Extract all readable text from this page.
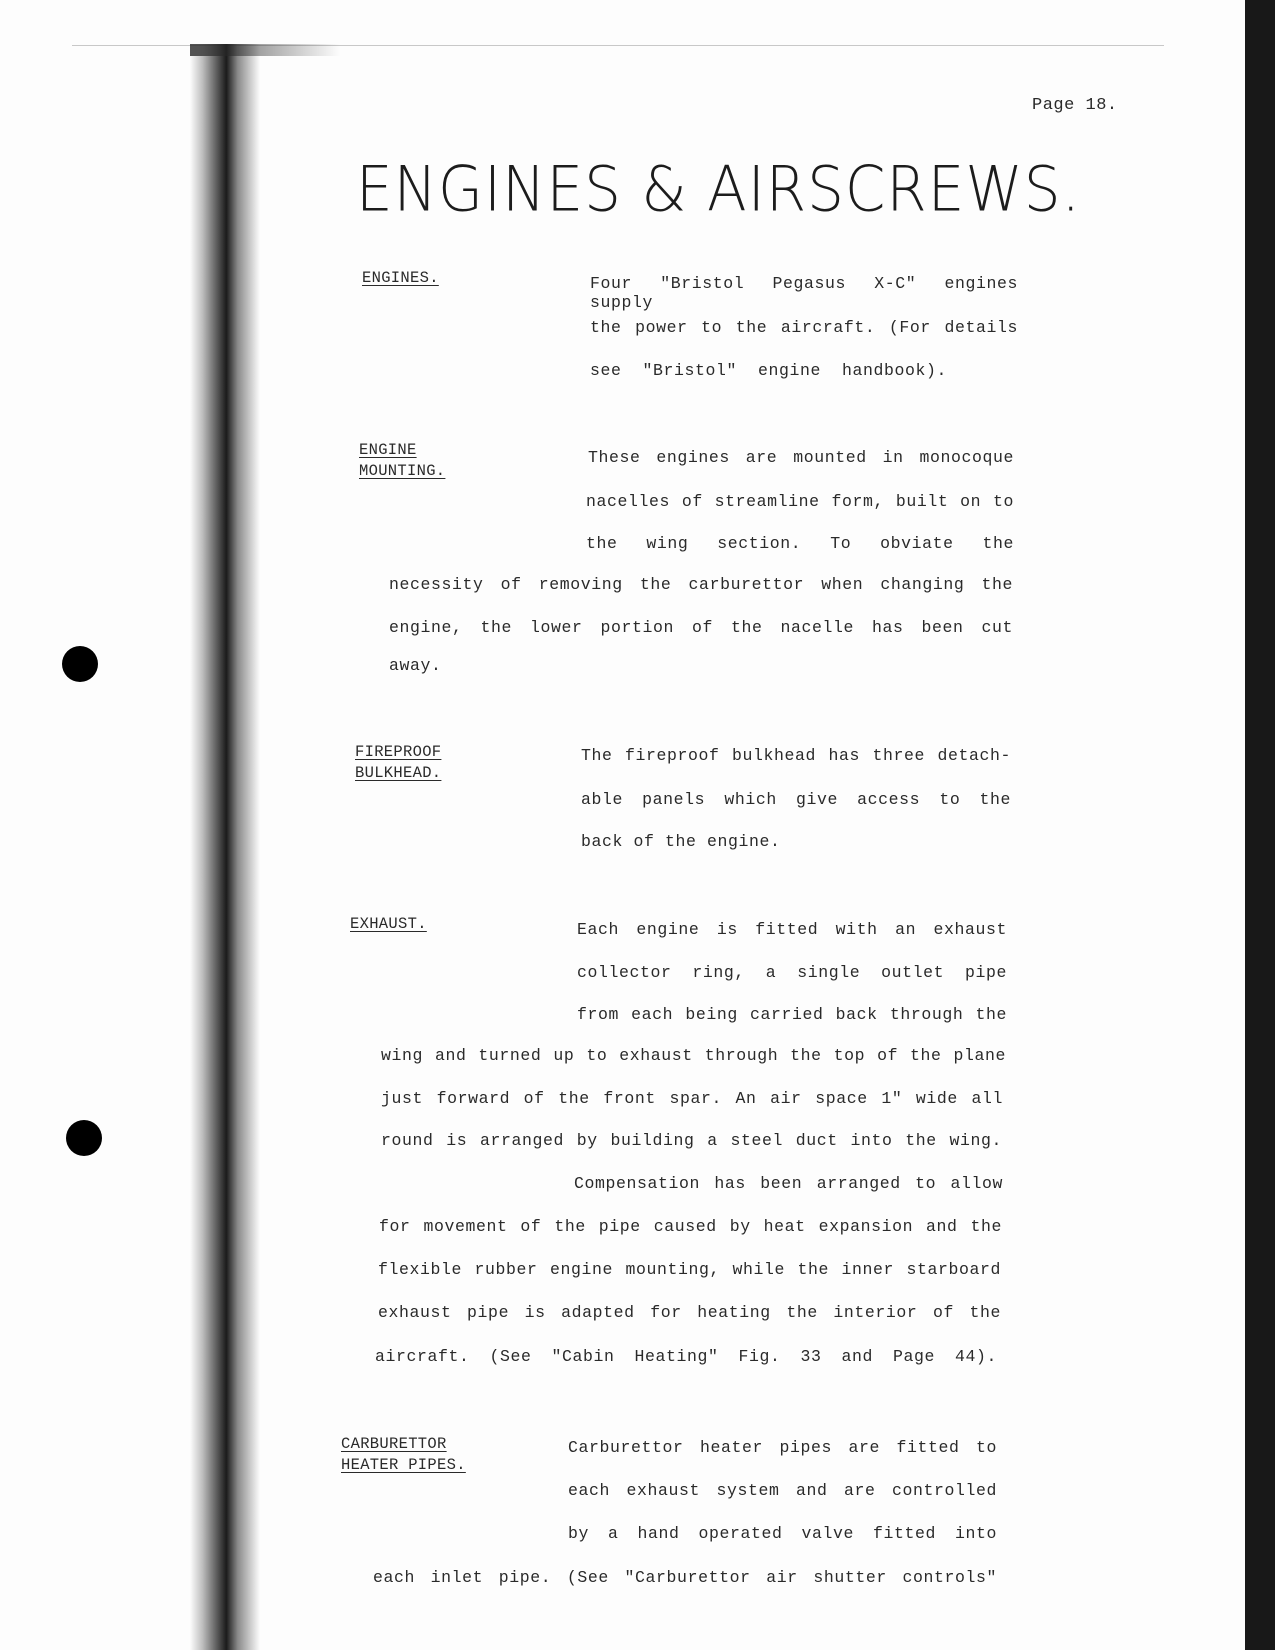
Page 18.
ENGINES & AIRSCREWS.
ENGINES.	Four "Bristol Pegasus X-C" engines supply
the power to the aircraft. (For details
see  "Bristol"  engine  handbook).
ENGINE
MOUNTING.
These engines are mounted in monocoque
nacelles of streamline form, built on to
the wing section. To obviate the
necessity of removing the carburettor when changing the
engine, the lower portion of the nacelle has been cut
away.
FIREPROOF
BULKHEAD.
The fireproof bulkhead has three detach-
able panels which give access to the
back of the engine.
EXHAUST.	Each engine is fitted with an exhaust
collector ring, a single outlet pipe
from each being carried back through the
wing and turned up to exhaust through the top of the plane
just forward of the front spar. An air space 1" wide all
round is arranged by building a steel duct into the wing.
Compensation has been arranged to allow
for movement of the pipe caused by heat expansion and the
flexible rubber engine mounting, while the inner starboard
exhaust pipe is adapted for heating the interior of the
aircraft. (See "Cabin Heating" Fig. 33 and Page 44).
CARBURETTOR
HEATER PIPES.
Carburettor heater pipes are fitted to
each exhaust system and are controlled
by a hand operated valve fitted into
each inlet pipe. (See "Carburettor air shutter controls"
